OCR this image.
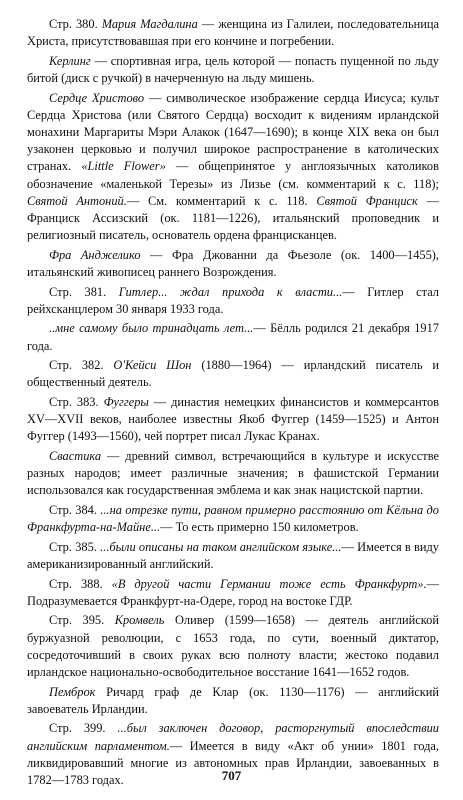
Стр. 380. Мария Магдалина — женщина из Галилеи, последовательница Христа, присутствовавшая при его кончине и погребении.

Керлинг — спортивная игра, цель которой — попасть пущенной по льду битой (диск с ручкой) в начерченную на льду мишень.

Сердце Христово — символическое изображение сердца Иисуса; культ Сердца Христова (или Святого Сердца) восходит к видениям ирландской монахини Маргариты Мэри Алакок (1647—1690); в конце XIX века он был узаконен церковью и получил широкое распространение в католических странах. «Little Flower» — общепринятое у англоязычных католиков обозначение «маленькой Терезы» из Лизье (см. комментарий к с. 118); Святой Антоний.— См. комментарий к с. 118. Святой Франциск — Франциск Ассизский (ок. 1181—1226), итальянский проповедник и религиозный писатель, основатель ордена францисканцев.

Фра Анджелико — Фра Джованни да Фьезоле (ок. 1400—1455), итальянский живописец раннего Возрождения.

Стр. 381. Гитлер... ждал прихода к власти...— Гитлер стал рейхсканцлером 30 января 1933 года.

..мне самому было тринадцать лет...— Бёлль родился 21 декабря 1917 года.

Стр. 382. О'Кейси Шон (1880—1964) — ирландский писатель и общественный деятель.

Стр. 383. Фуггеры — династия немецких финансистов и коммерсантов XV—XVII веков, наиболее известны Якоб Фуггер (1459—1525) и Антон Фуггер (1493—1560), чей портрет писал Лукас Кранах.

Свастика — древний символ, встречающийся в культуре и искусстве разных народов; имеет различные значения; в фашистской Германии использовался как государственная эмблема и как знак нацистской партии.

Стр. 384. ...на отрезке пути, равном примерно расстоянию от Кёльна до Франкфурта-на-Майне...— То есть примерно 150 километров.

Стр. 385. ...были описаны на таком английском языке...— Имеется в виду американизированный английский.

Стр. 388. «В другой части Германии тоже есть Франкфурт».— Подразумевается Франкфурт-на-Одере, город на востоке ГДР.

Стр. 395. Кромвель Оливер (1599—1658) — деятель английской буржуазной революции, с 1653 года, по сути, военный диктатор, сосредоточивший в своих руках всю полноту власти; жестоко подавил ирландское национально-освободительное восстание 1641—1652 годов.

Пемброк Ричард граф де Клар (ок. 1130—1176) — английский завоеватель Ирландии.

Стр. 399. ...был заключен договор, расторгнутый впоследствии английским парламентом.— Имеется в виду «Акт об унии» 1801 года, ликвидировавший многие из автономных прав Ирландии, завоеванных в 1782—1783 годах.	707
